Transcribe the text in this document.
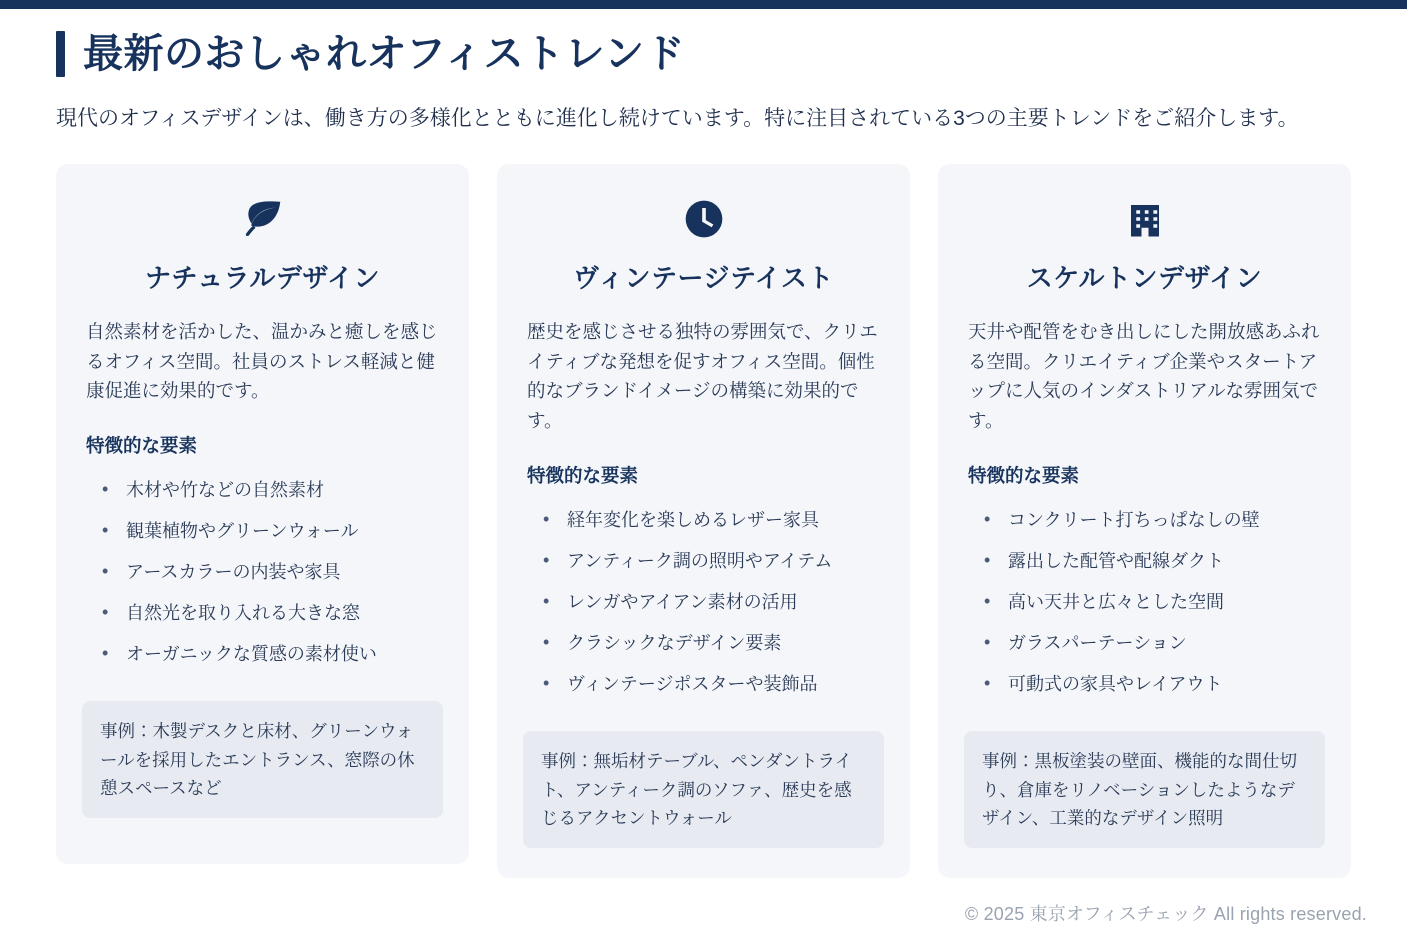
最新のおしゃれオフィストレンド

現代のオフィスデザインは、働き方の多様化とともに進化し続けています。特に注目されている3つの主要トレンドをご紹介します。

ナチュラルデザイン
自然素材を活かした、温かみと癒しを感じるオフィス空間。社員のストレス軽減と健康促進に効果的です。
特徴的な要素
• 木材や竹などの自然素材
• 観葉植物やグリーンウォール
• アースカラーの内装や家具
• 自然光を取り入れる大きな窓
• オーガニックな質感の素材使い
事例：木製デスクと床材、グリーンウォールを採用したエントランス、窓際の休憩スペースなど
ヴィンテージテイスト
歴史を感じさせる独特の雰囲気で、クリエイティブな発想を促すオフィス空間。個性的なブランドイメージの構築に効果的です。
特徴的な要素
• 経年変化を楽しめるレザー家具
• アンティーク調の照明やアイテム
• レンガやアイアン素材の活用
• クラシックなデザイン要素
• ヴィンテージポスターや装飾品
事例：無垢材テーブル、ペンダントライト、アンティーク調のソファ、歴史を感じるアクセントウォール
スケルトンデザイン
天井や配管をむき出しにした開放感あふれる空間。クリエイティブ企業やスタートアップに人気のインダストリアルな雰囲気です。
特徴的な要素
• コンクリート打ちっぱなしの壁
• 露出した配管や配線ダクト
• 高い天井と広々とした空間
• ガラスパーテーション
• 可動式の家具やレイアウト
事例：黒板塗装の壁面、機能的な間仕切り、倉庫をリノベーションしたようなデザイン、工業的なデザイン照明
© 2025 東京オフィスチェック All rights reserved.
